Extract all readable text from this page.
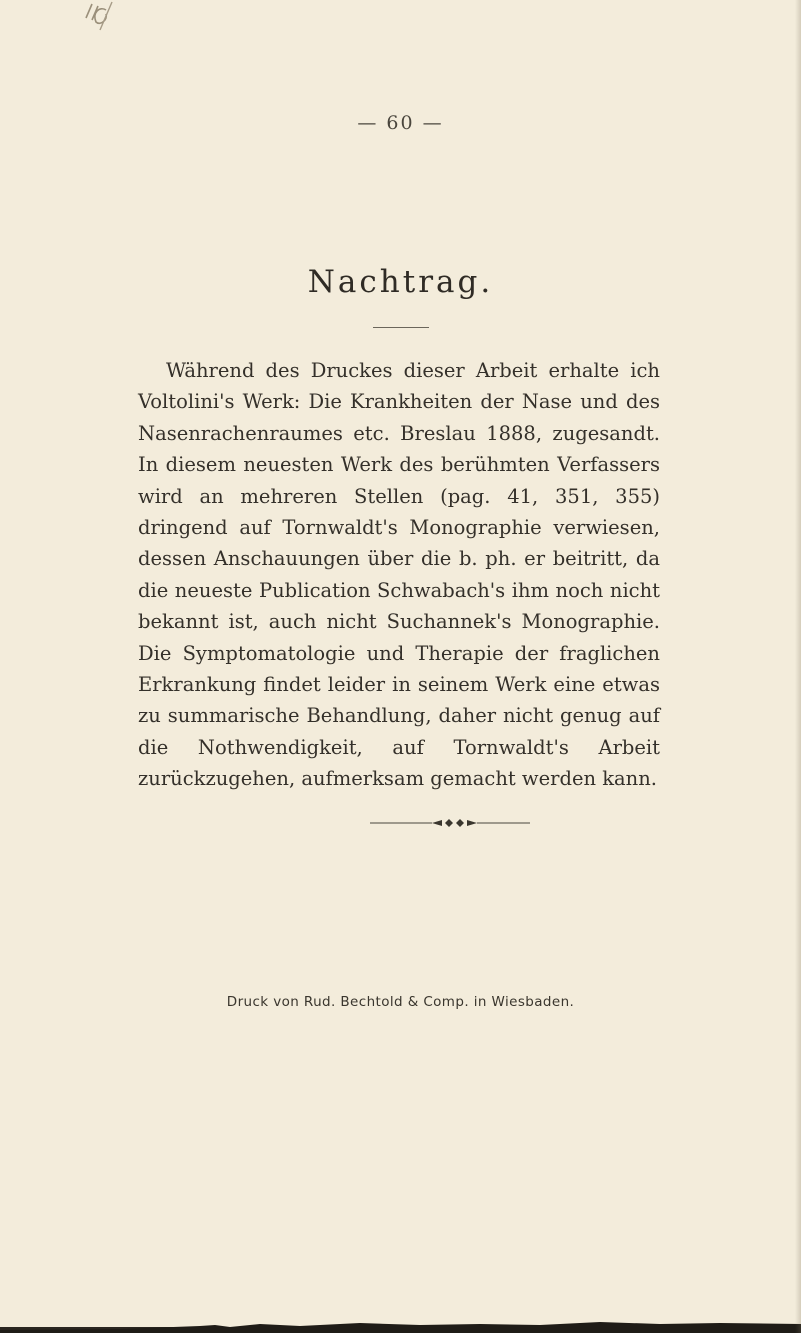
— 60 —
Nachtrag.

Während des Druckes dieser Arbeit erhalte ich Voltolini's Werk: Die Krankheiten der Nase und des Nasenrachenraumes etc. Breslau 1888, zugesandt. In diesem neuesten Werk des berühmten Verfassers wird an mehreren Stellen (pag. 41, 351, 355) dringend auf Tornwaldt's Monographie verwiesen, dessen Anschauungen über die b. ph. er beitritt, da die neueste Publication Schwabach's ihm noch nicht bekannt ist, auch nicht Suchannek's Monographie. Die Symptomatologie und Therapie der fraglichen Erkrankung findet leider in seinem Werk eine etwas zu summarische Behandlung, daher nicht genug auf die Nothwendigkeit, auf Tornwaldt's Arbeit zurückzugehen, aufmerksam gemacht werden kann.

Druck von Rud. Bechtold & Comp. in Wiesbaden.
